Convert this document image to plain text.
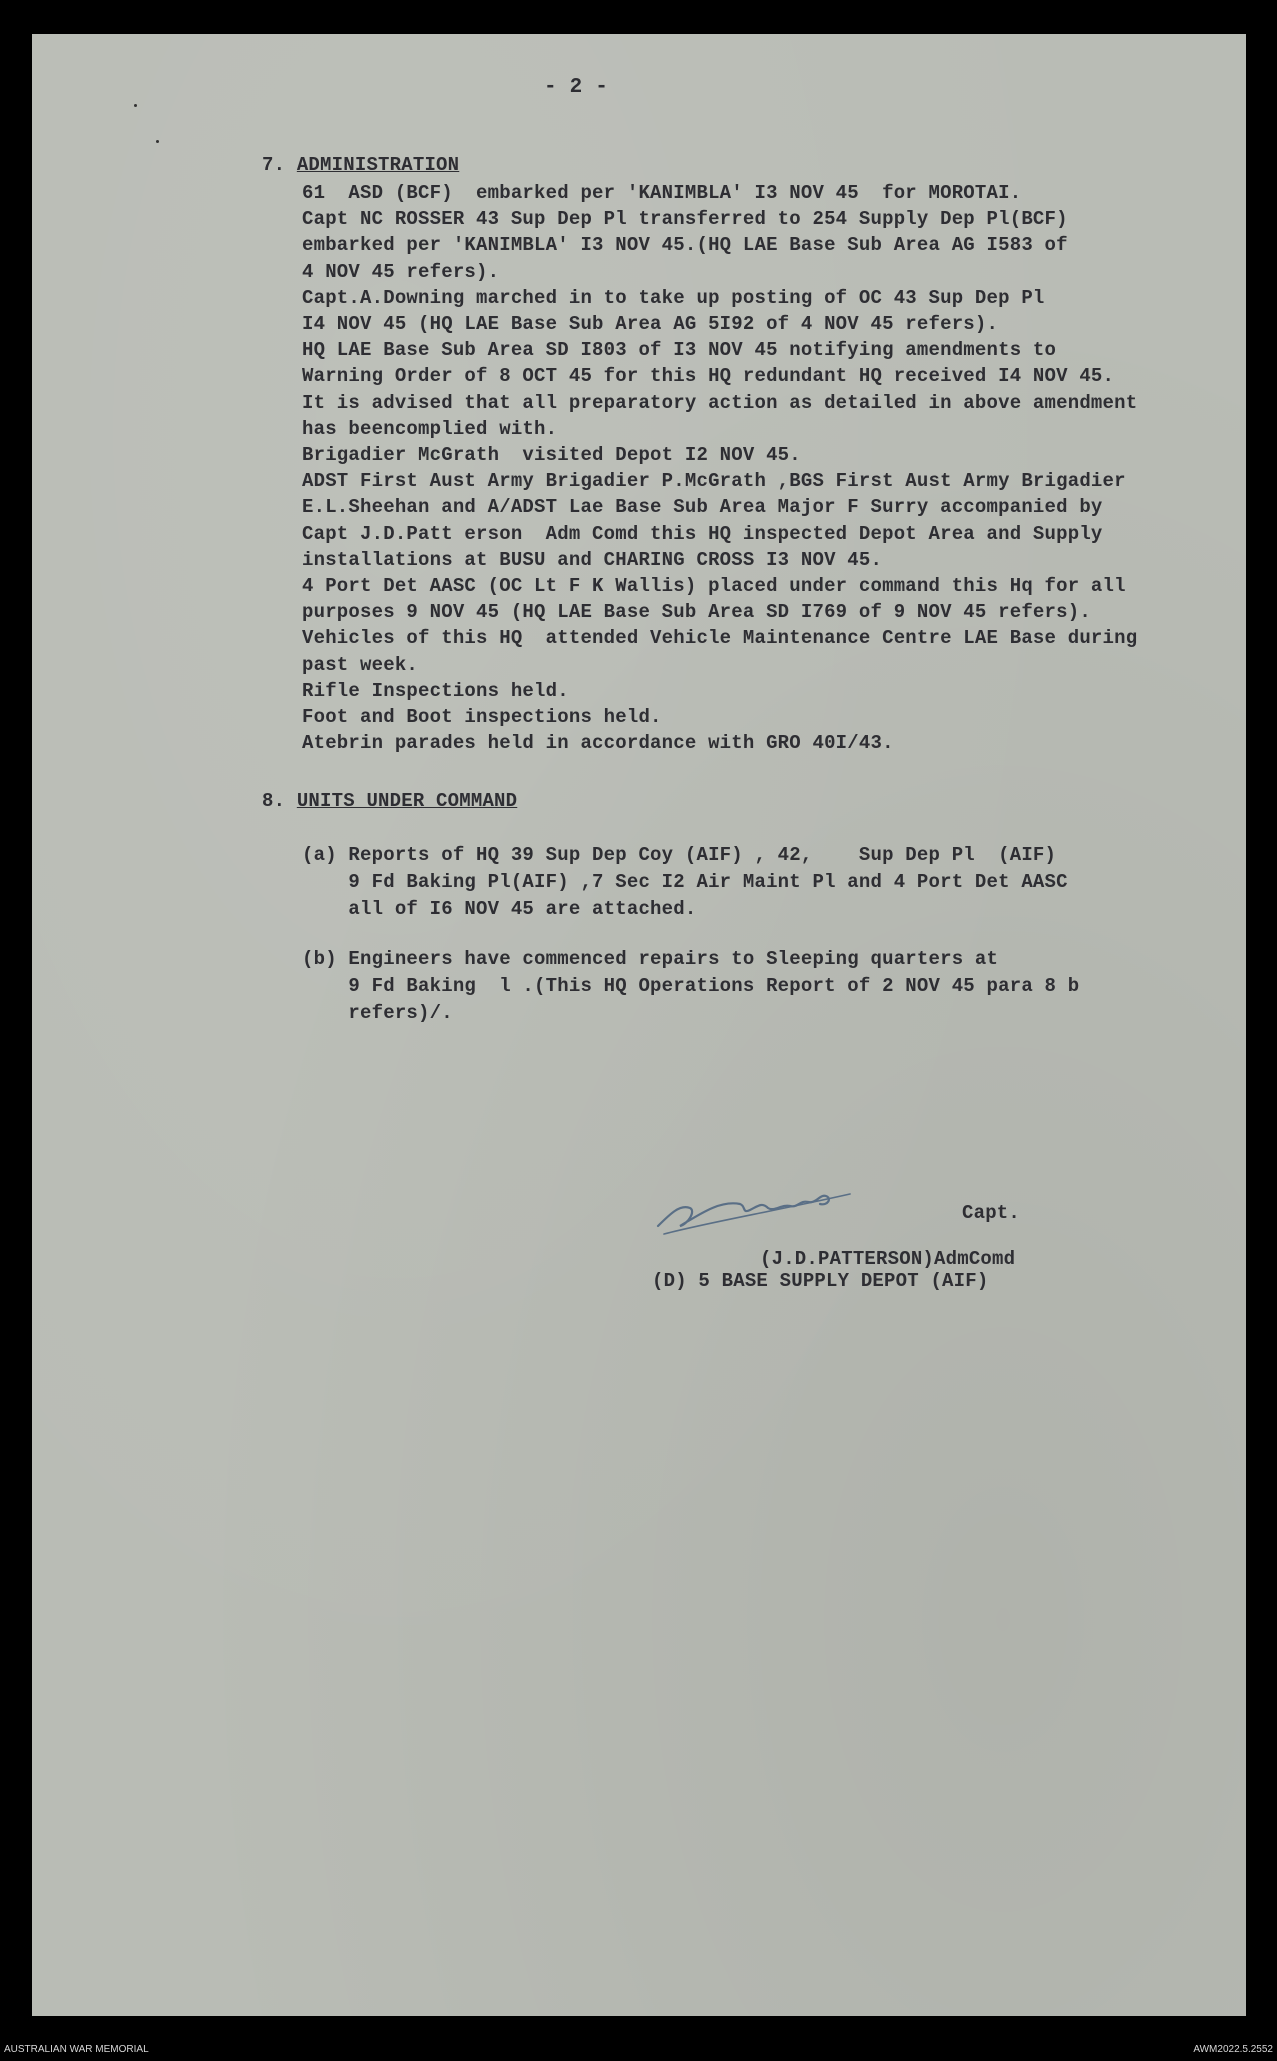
- 2 -
7. ADMINISTRATION
61  ASD (BCF)  embarked per 'KANIMBLA' I3 NOV 45  for MOROTAI.
Capt NC ROSSER 43 Sup Dep Pl transferred to 254 Supply Dep Pl(BCF)
embarked per 'KANIMBLA' I3 NOV 45.(HQ LAE Base Sub Area AG I583 of
4 NOV 45 refers).
Capt.A.Downing marched in to take up posting of OC 43 Sup Dep Pl
I4 NOV 45 (HQ LAE Base Sub Area AG 5I92 of 4 NOV 45 refers).
HQ LAE Base Sub Area SD I803 of I3 NOV 45 notifying amendments to
Warning Order of 8 OCT 45 for this HQ redundant HQ received I4 NOV 45.
It is advised that all preparatory action as detailed in above amendment
has beencomplied with.
Brigadier McGrath  visited Depot I2 NOV 45.
ADST First Aust Army Brigadier P.McGrath ,BGS First Aust Army Brigadier
E.L.Sheehan and A/ADST Lae Base Sub Area Major F Surry accompanied by
Capt J.D.Patt erson  Adm Comd this HQ inspected Depot Area and Supply
installations at BUSU and CHARING CROSS I3 NOV 45.
4 Port Det AASC (OC Lt F K Wallis) placed under command this Hq for all
purposes 9 NOV 45 (HQ LAE Base Sub Area SD I769 of 9 NOV 45 refers).
Vehicles of this HQ  attended Vehicle Maintenance Centre LAE Base during
past week.
Rifle Inspections held.
Foot and Boot inspections held.
Atebrin parades held in accordance with GRO 40I/43.
8. UNITS UNDER COMMAND
(a) Reports of HQ 39 Sup Dep Coy (AIF) , 42,    Sup Dep Pl  (AIF)
9 Fd Baking Pl(AIF) ,7 Sec I2 Air Maint Pl and 4 Port Det AASC
all of I6 NOV 45 are attached.
(b) Engineers have commenced repairs to Sleeping quarters at
9 Fd Baking  l .(This HQ Operations Report of 2 NOV 45 para 8 b
refers)/.
Capt.
(J.D.PATTERSON)AdmComd
(D) 5 BASE SUPPLY DEPOT (AIF)
AUSTRALIAN WAR MEMORIAL	AWM2022.5.2552
